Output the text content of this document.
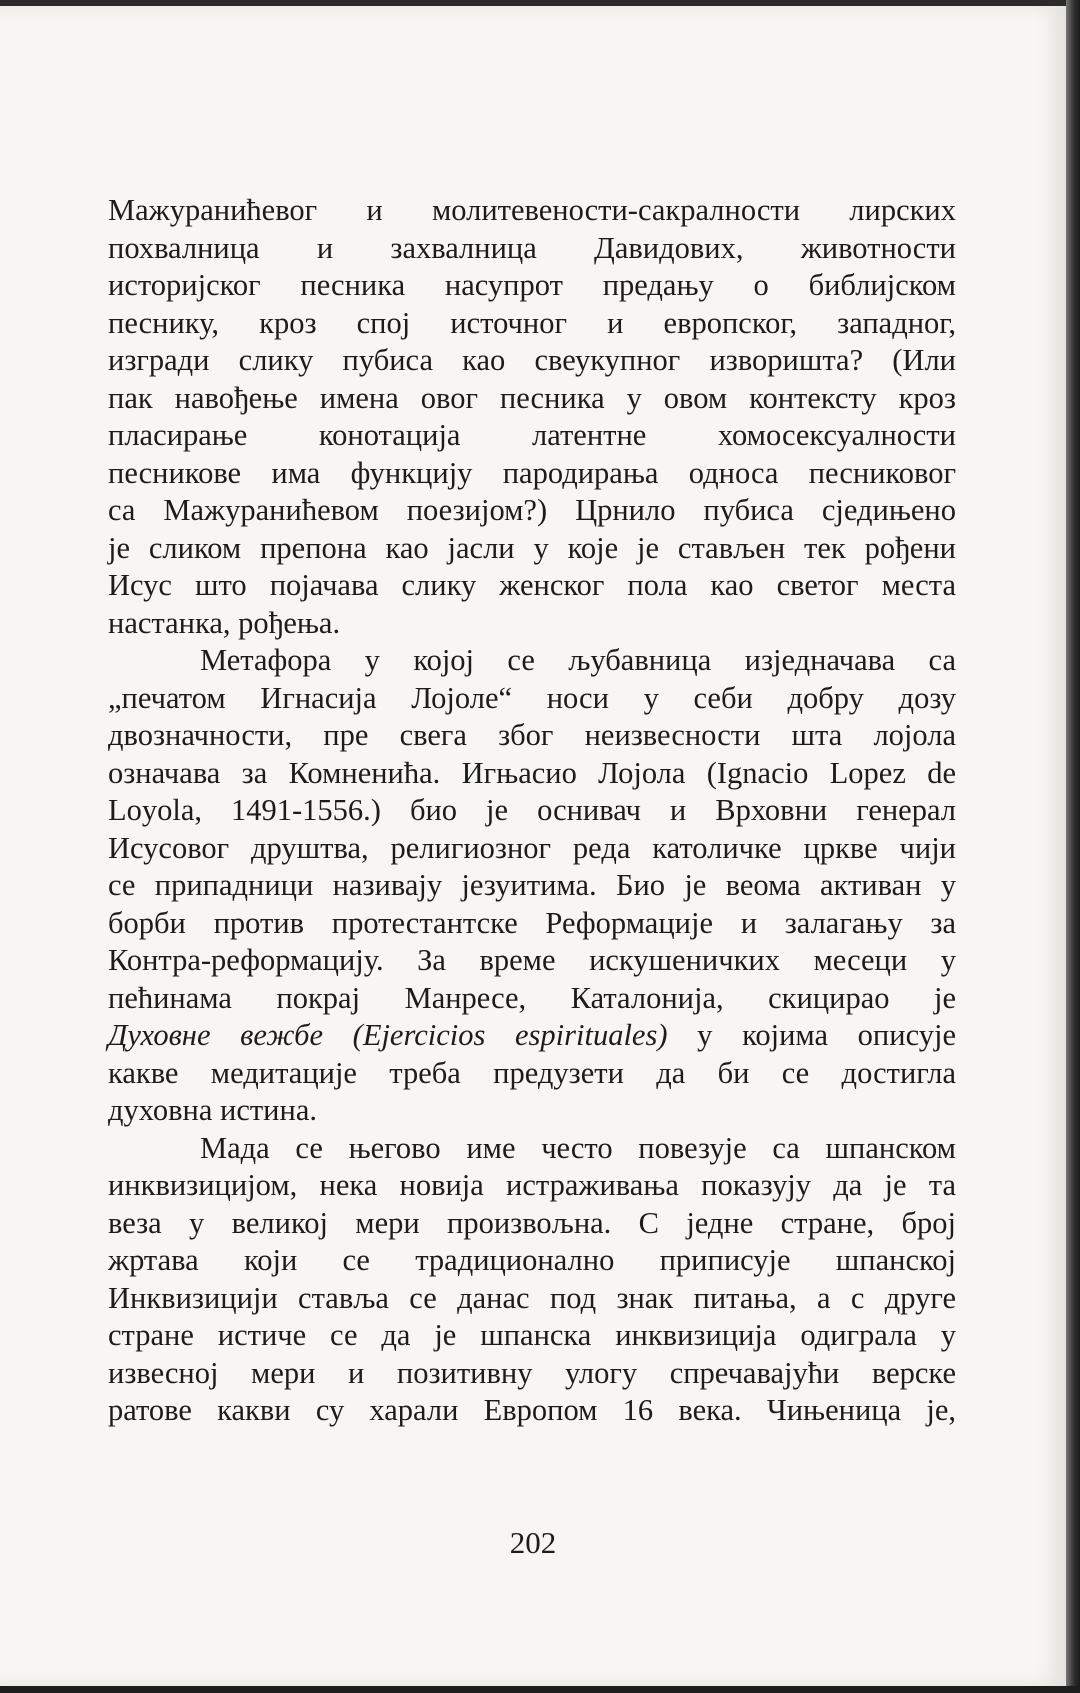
Мажуранићевог и молитевености-сакралности лирских
похвалница и захвалница Давидових, животности
историјског песника насупрот предању о библијском
песнику, кроз спој источног и европског, западног,
изгради слику пубиса као свеукупног изворишта? (Или
пак навођење имена овог песника у овом контексту кроз
пласирање конотација латентне хомосексуалности
песникове има функцију пародирања односа песниковог
са Мажуранићевом поезијом?) Црнило пубиса сједињено
је сликом препона као јасли у које је стављен тек рођени
Исус што појачава слику женског пола као светог места
настанка, рођења.

Метафора у којој се љубавница изједначава са
„печатом Игнасија Лојоле“ носи у себи добру дозу
двозначности, пре свега због неизвесности шта лојола
означава за Комненића. Игњасио Лојола (Ignacio Lopez de
Loyola, 1491-1556.) био је оснивач и Врховни генерал
Исусовог друштва, религиозног реда католичке цркве чији
се припадници називају језуитима. Био је веома активан у
борби против протестантске Реформације и залагању за
Контра-реформацију. За време искушеничких месеци у
пећинама покрај Манресе, Каталонија, скицирао је
Духовне вежбе (Ejercicios espirituales) у којима описује
какве медитације треба предузети да би се достигла
духовна истина.

Мада се његово име често повезује са шпанском
инквизицијом, нека новија истраживања показују да је та
веза у великој мери произвољна. С једне стране, број
жртава који се традиционално приписује шпанској
Инквизицији стављa се данас под знак питања, а с друге
стране истиче се да је шпанска инквизиција одиграла у
извесној мери и позитивну улогу спречавајући верске
ратове какви су харали Европом 16 века. Чињеница је,

202
